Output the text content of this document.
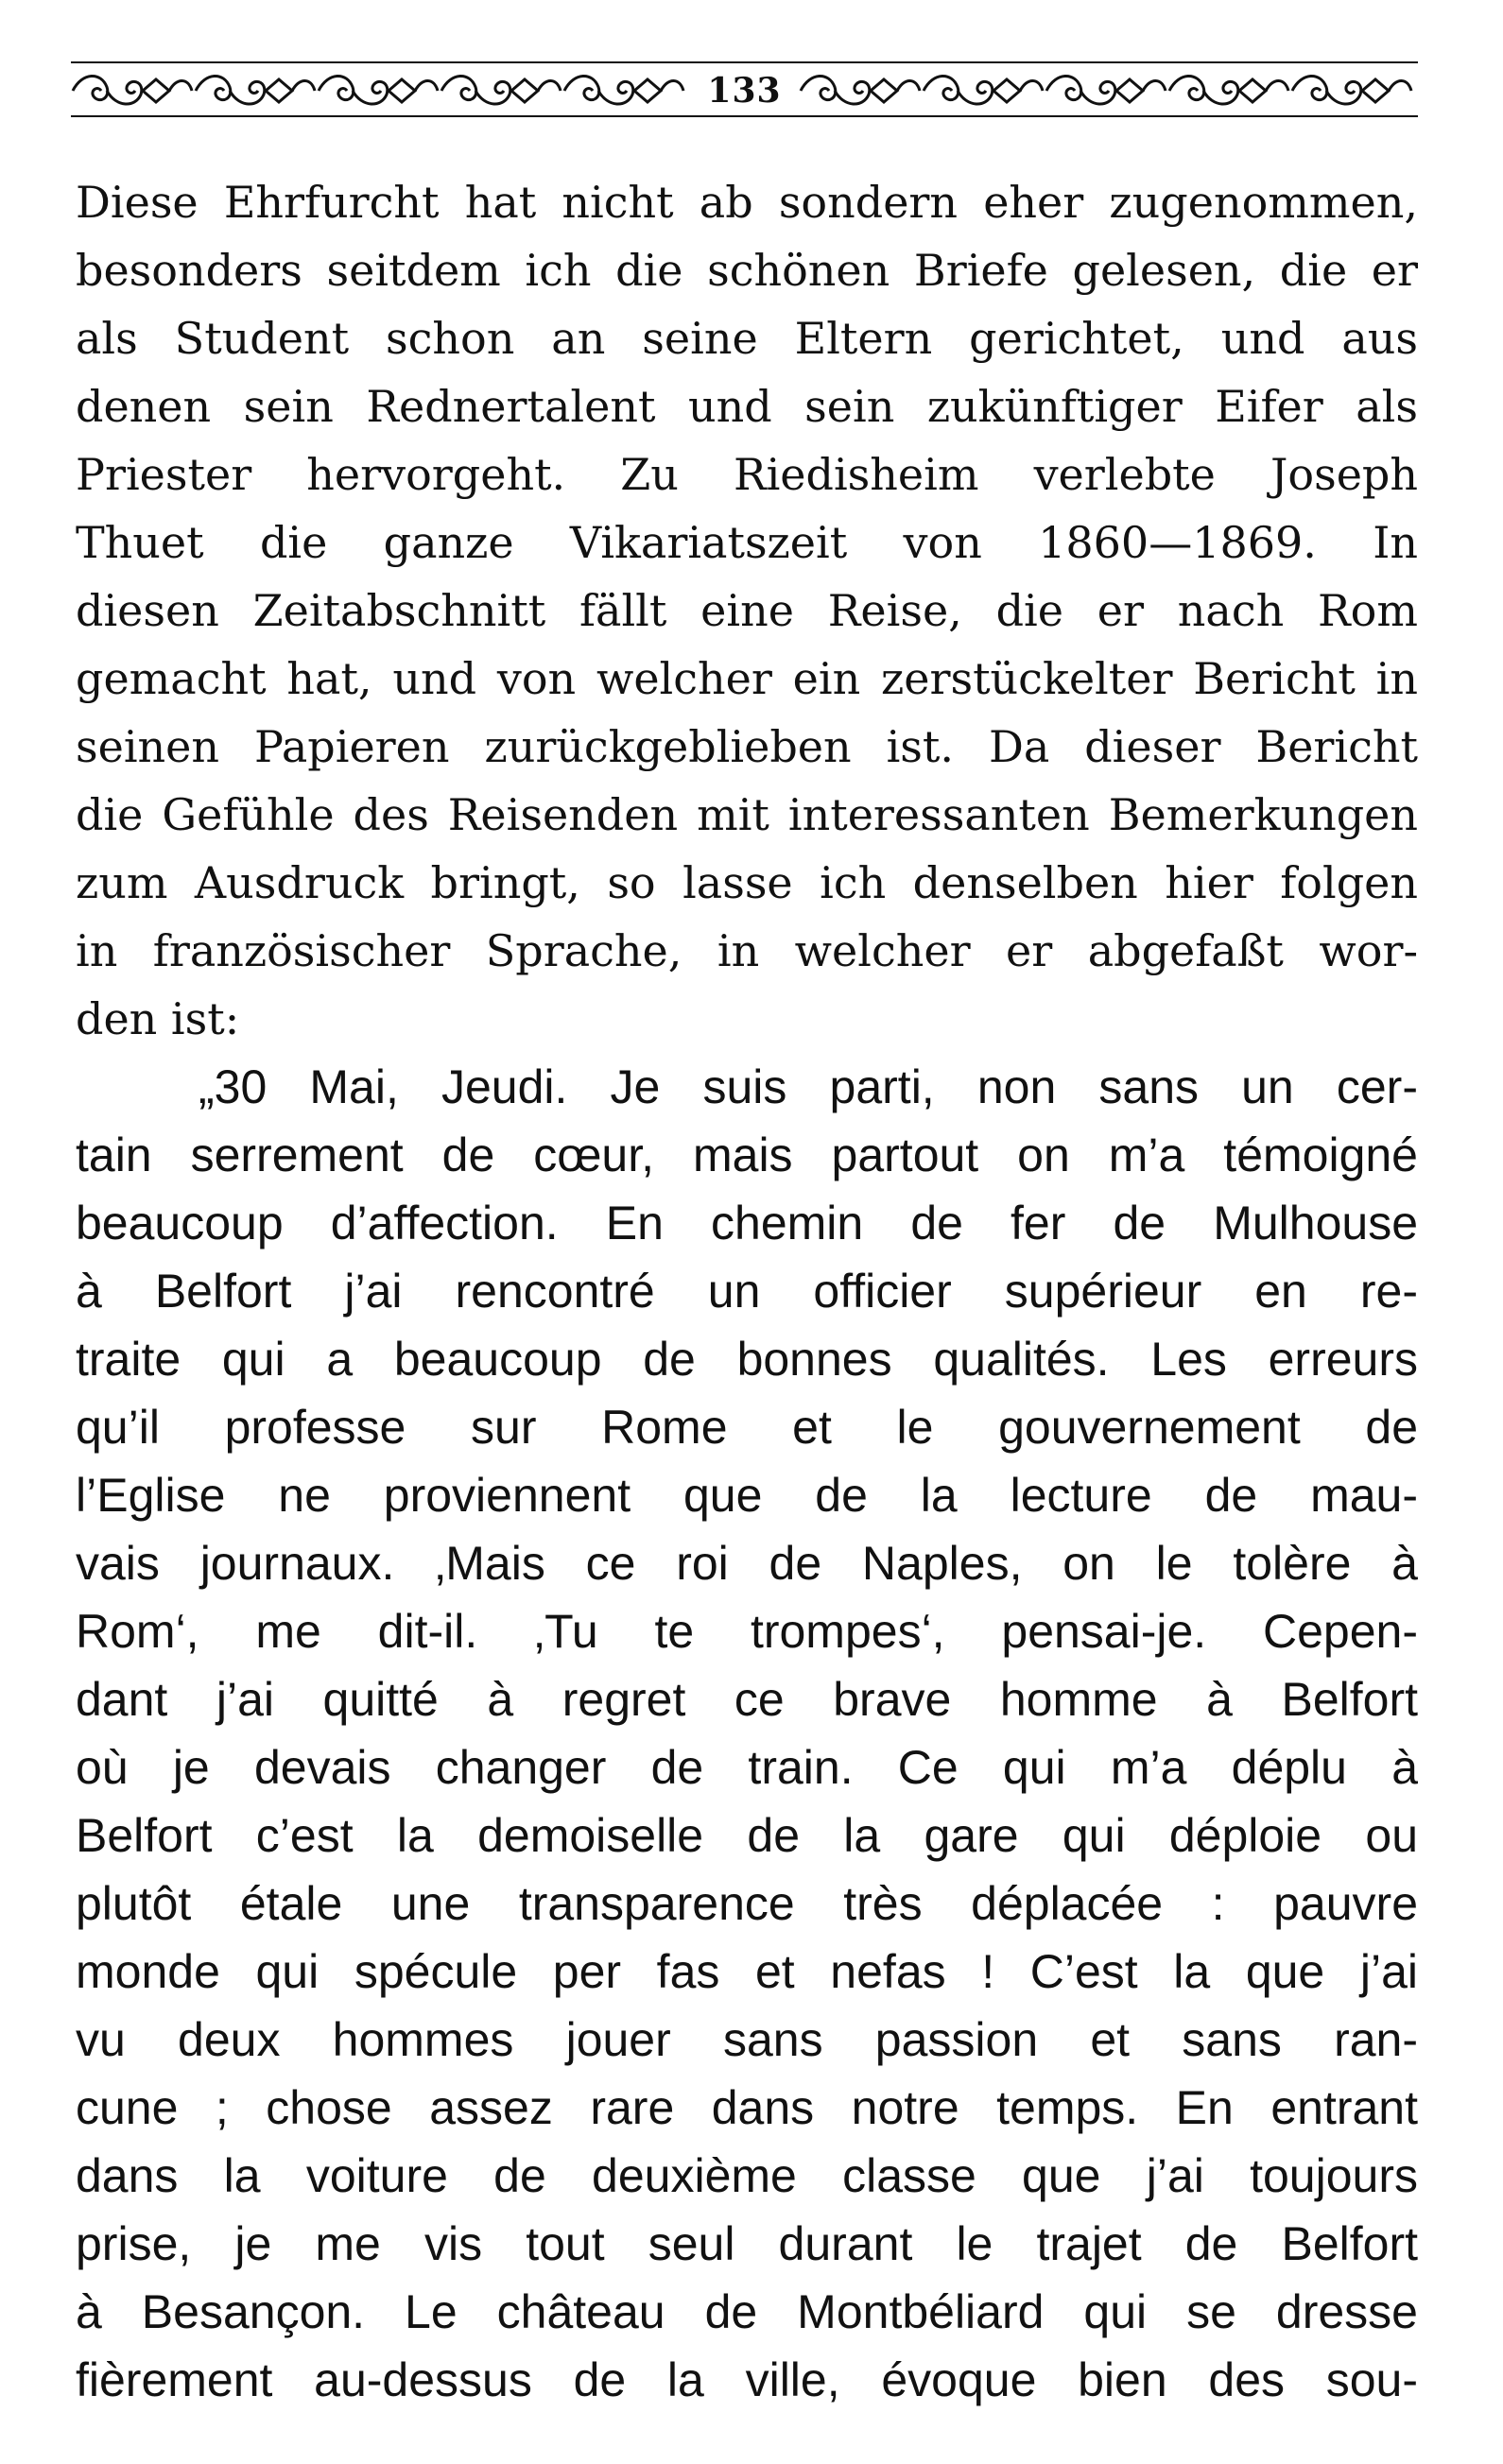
133
Diese Ehrfurcht hat nicht ab sondern eher zugenommen,
besonders seitdem ich die schönen Briefe gelesen, die er
als Student schon an seine Eltern gerichtet, und aus
denen sein Rednertalent und sein zukünftiger Eifer als
Priester hervorgeht. Zu Riedisheim verlebte Joseph
Thuet die ganze Vikariatszeit von 1860—1869. In
diesen Zeitabschnitt fällt eine Reise, die er nach Rom
gemacht hat, und von welcher ein zerstückelter Bericht in
seinen Papieren zurückgeblieben ist. Da dieser Bericht
die Gefühle des Reisenden mit interessanten Bemerkungen
zum Ausdruck bringt, so lasse ich denselben hier folgen
in französischer Sprache, in welcher er abgefaßt wor-
den ist:
„30 Mai, Jeudi. Je suis parti, non sans un cer-
tain serrement de cœur, mais partout on m’a témoigné
beaucoup d’affection. En chemin de fer de Mulhouse
à Belfort j’ai rencontré un officier supérieur en re-
traite qui a beaucoup de bonnes qualités. Les erreurs
qu’il professe sur Rome et le gouvernement de
l’Eglise ne proviennent que de la lecture de mau-
vais journaux. ‚Mais ce roi de Naples, on le tolère à
Rom‘, me dit-il. ‚Tu te trompes‘, pensai-je. Cepen-
dant j’ai quitté à regret ce brave homme à Belfort
où je devais changer de train. Ce qui m’a déplu à
Belfort c’est la demoiselle de la gare qui déploie ou
plutôt étale une transparence très déplacée : pauvre
monde qui spécule per fas et nefas ! C’est la que j’ai
vu deux hommes jouer sans passion et sans ran-
cune ; chose assez rare dans notre temps. En entrant
dans la voiture de deuxième classe que j’ai toujours
prise, je me vis tout seul durant le trajet de Belfort
à Besançon. Le château de Montbéliard qui se dresse
fièrement au-dessus de la ville, évoque bien des sou-
